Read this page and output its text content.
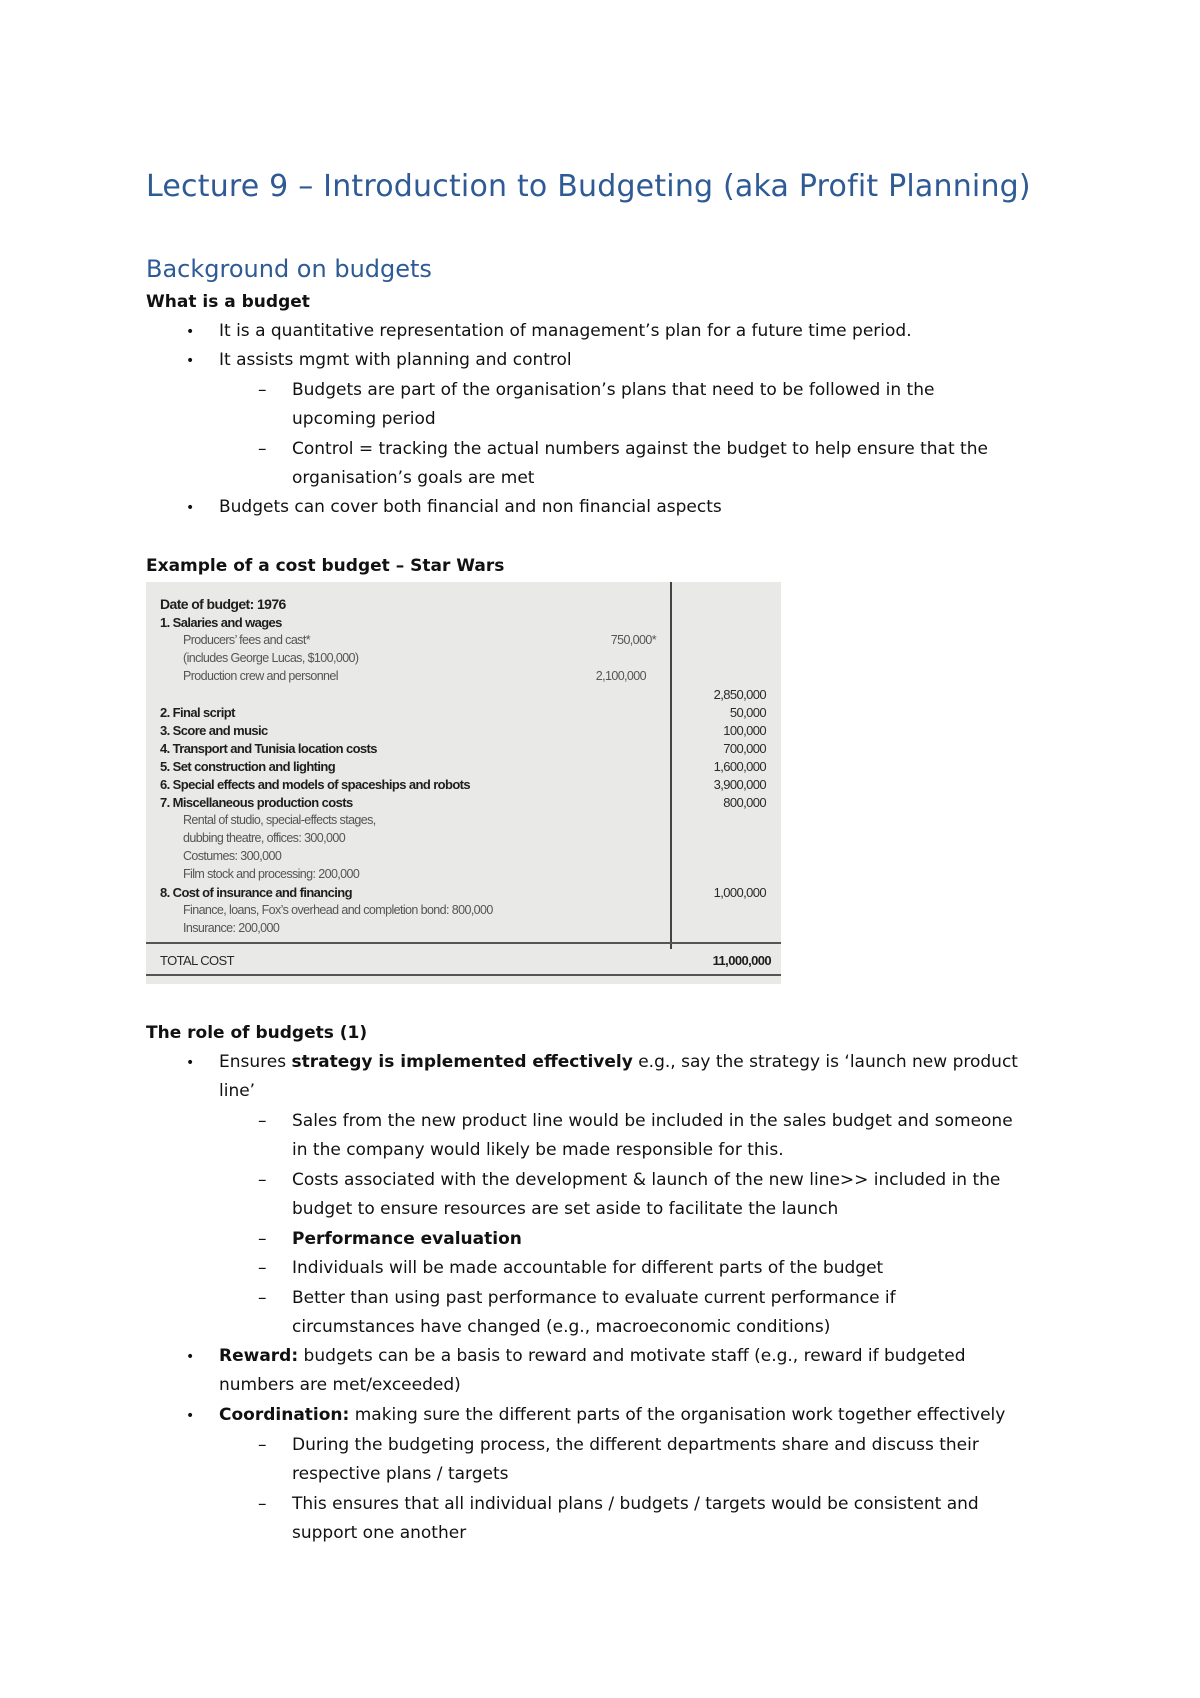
Lecture 9 – Introduction to Budgeting (aka Profit Planning)
Background on budgets
What is a budget
• It is a quantitative representation of management’s plan for a future time period.
• It assists mgmt with planning and control
– Budgets are part of the organisation’s plans that need to be followed in the
upcoming period
– Control = tracking the actual numbers against the budget to help ensure that the
organisation’s goals are met
• Budgets can cover both financial and non financial aspects
Example of a cost budget – Star Wars
Date of budget: 1976
1. Salaries and wages
Producers’ fees and cast*	750,000*
(includes George Lucas, $100,000)
Production crew and personnel	2,100,000
2,850,000
2. Final script	50,000
3. Score and music	100,000
4. Transport and Tunisia location costs	700,000
5. Set construction and lighting	1,600,000
6. Special effects and models of spaceships and robots	3,900,000
7. Miscellaneous production costs	800,000
Rental of studio, special-effects stages,
dubbing theatre, offices: 300,000
Costumes: 300,000
Film stock and processing: 200,000
8. Cost of insurance and financing	1,000,000
Finance, loans, Fox’s overhead and completion bond: 800,000
Insurance: 200,000
TOTAL COST	11,000,000
The role of budgets (1)
• Ensures strategy is implemented effectively e.g., say the strategy is ‘launch new product
line’
– Sales from the new product line would be included in the sales budget and someone
in the company would likely be made responsible for this.
– Costs associated with the development & launch of the new line>> included in the
budget to ensure resources are set aside to facilitate the launch
– Performance evaluation
– Individuals will be made accountable for different parts of the budget
– Better than using past performance to evaluate current performance if
circumstances have changed (e.g., macroeconomic conditions)
• Reward: budgets can be a basis to reward and motivate staff (e.g., reward if budgeted
numbers are met/exceeded)
• Coordination: making sure the different parts of the organisation work together effectively
– During the budgeting process, the different departments share and discuss their
respective plans / targets
– This ensures that all individual plans / budgets / targets would be consistent and
support one another
